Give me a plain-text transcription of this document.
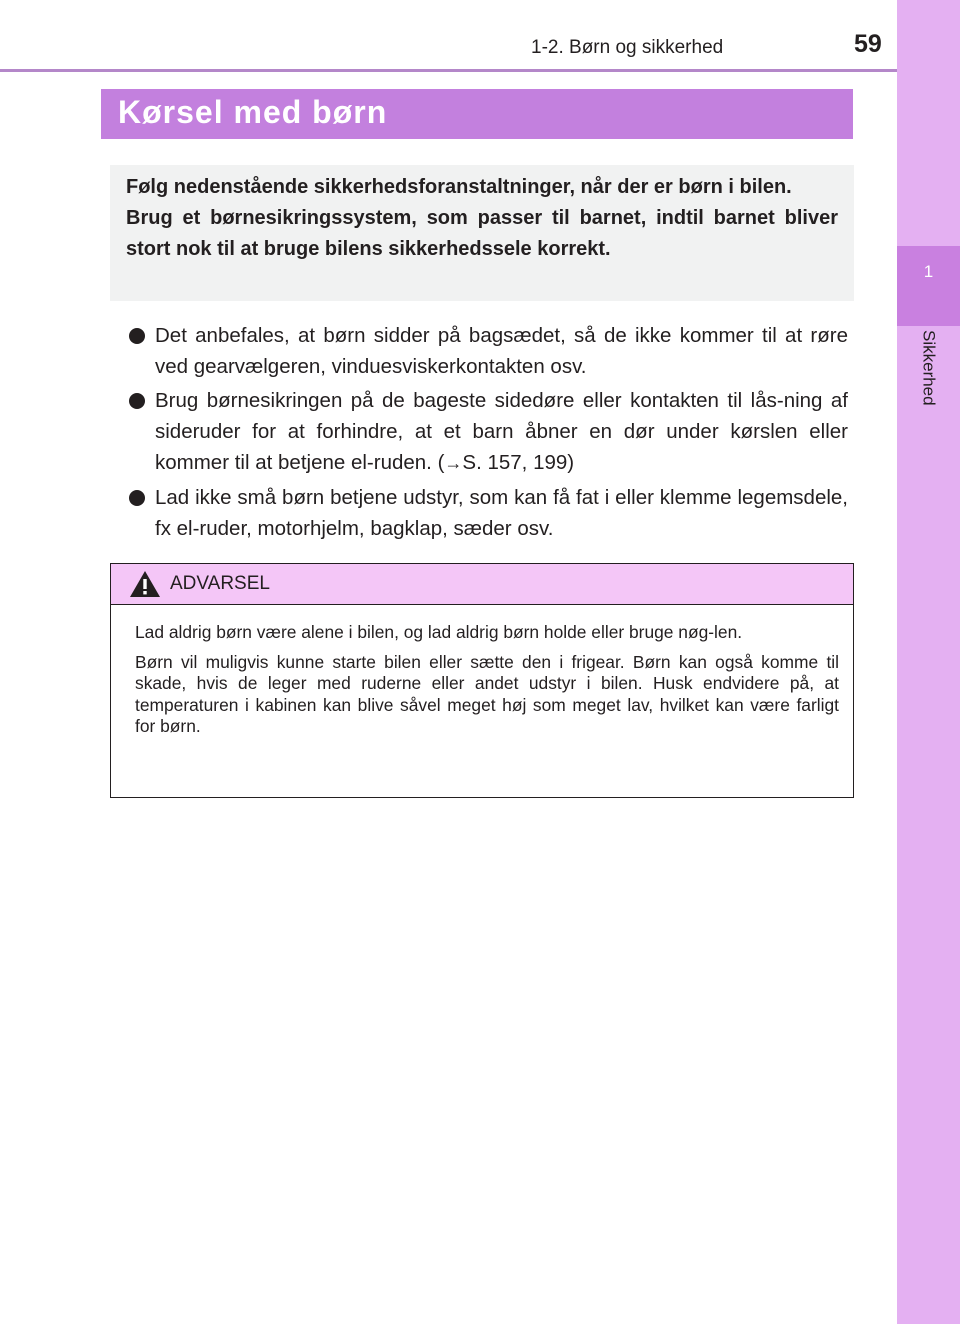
1-2. Børn og sikkerhed	59
1
Sikkerhed
Kørsel med børn

Følg nedenstående sikkerhedsforanstaltninger, når der er børn i bilen.

Brug et børnesikringssystem, som passer til barnet, indtil barnet bliver stort nok til at bruge bilens sikkerhedssele korrekt.

Det anbefales, at børn sidder på bagsædet, så de ikke kommer til at røre ved gearvælgeren, vinduesviskerkontakten osv.
Brug børnesikringen på de bageste sidedøre eller kontakten til lås-ning af sideruder for at forhindre, at et barn åbner en dør under kørslen eller kommer til at betjene el-ruden. (→S. 157, 199)
Lad ikke små børn betjene udstyr, som kan få fat i eller klemme legemsdele, fx el-ruder, motorhjelm, bagklap, sæder osv.
ADVARSEL

Lad aldrig børn være alene i bilen, og lad aldrig børn holde eller bruge nøg-len.

Børn vil muligvis kunne starte bilen eller sætte den i frigear. Børn kan også komme til skade, hvis de leger med ruderne eller andet udstyr i bilen. Husk endvidere på, at temperaturen i kabinen kan blive såvel meget høj som meget lav, hvilket kan være farligt for børn.
